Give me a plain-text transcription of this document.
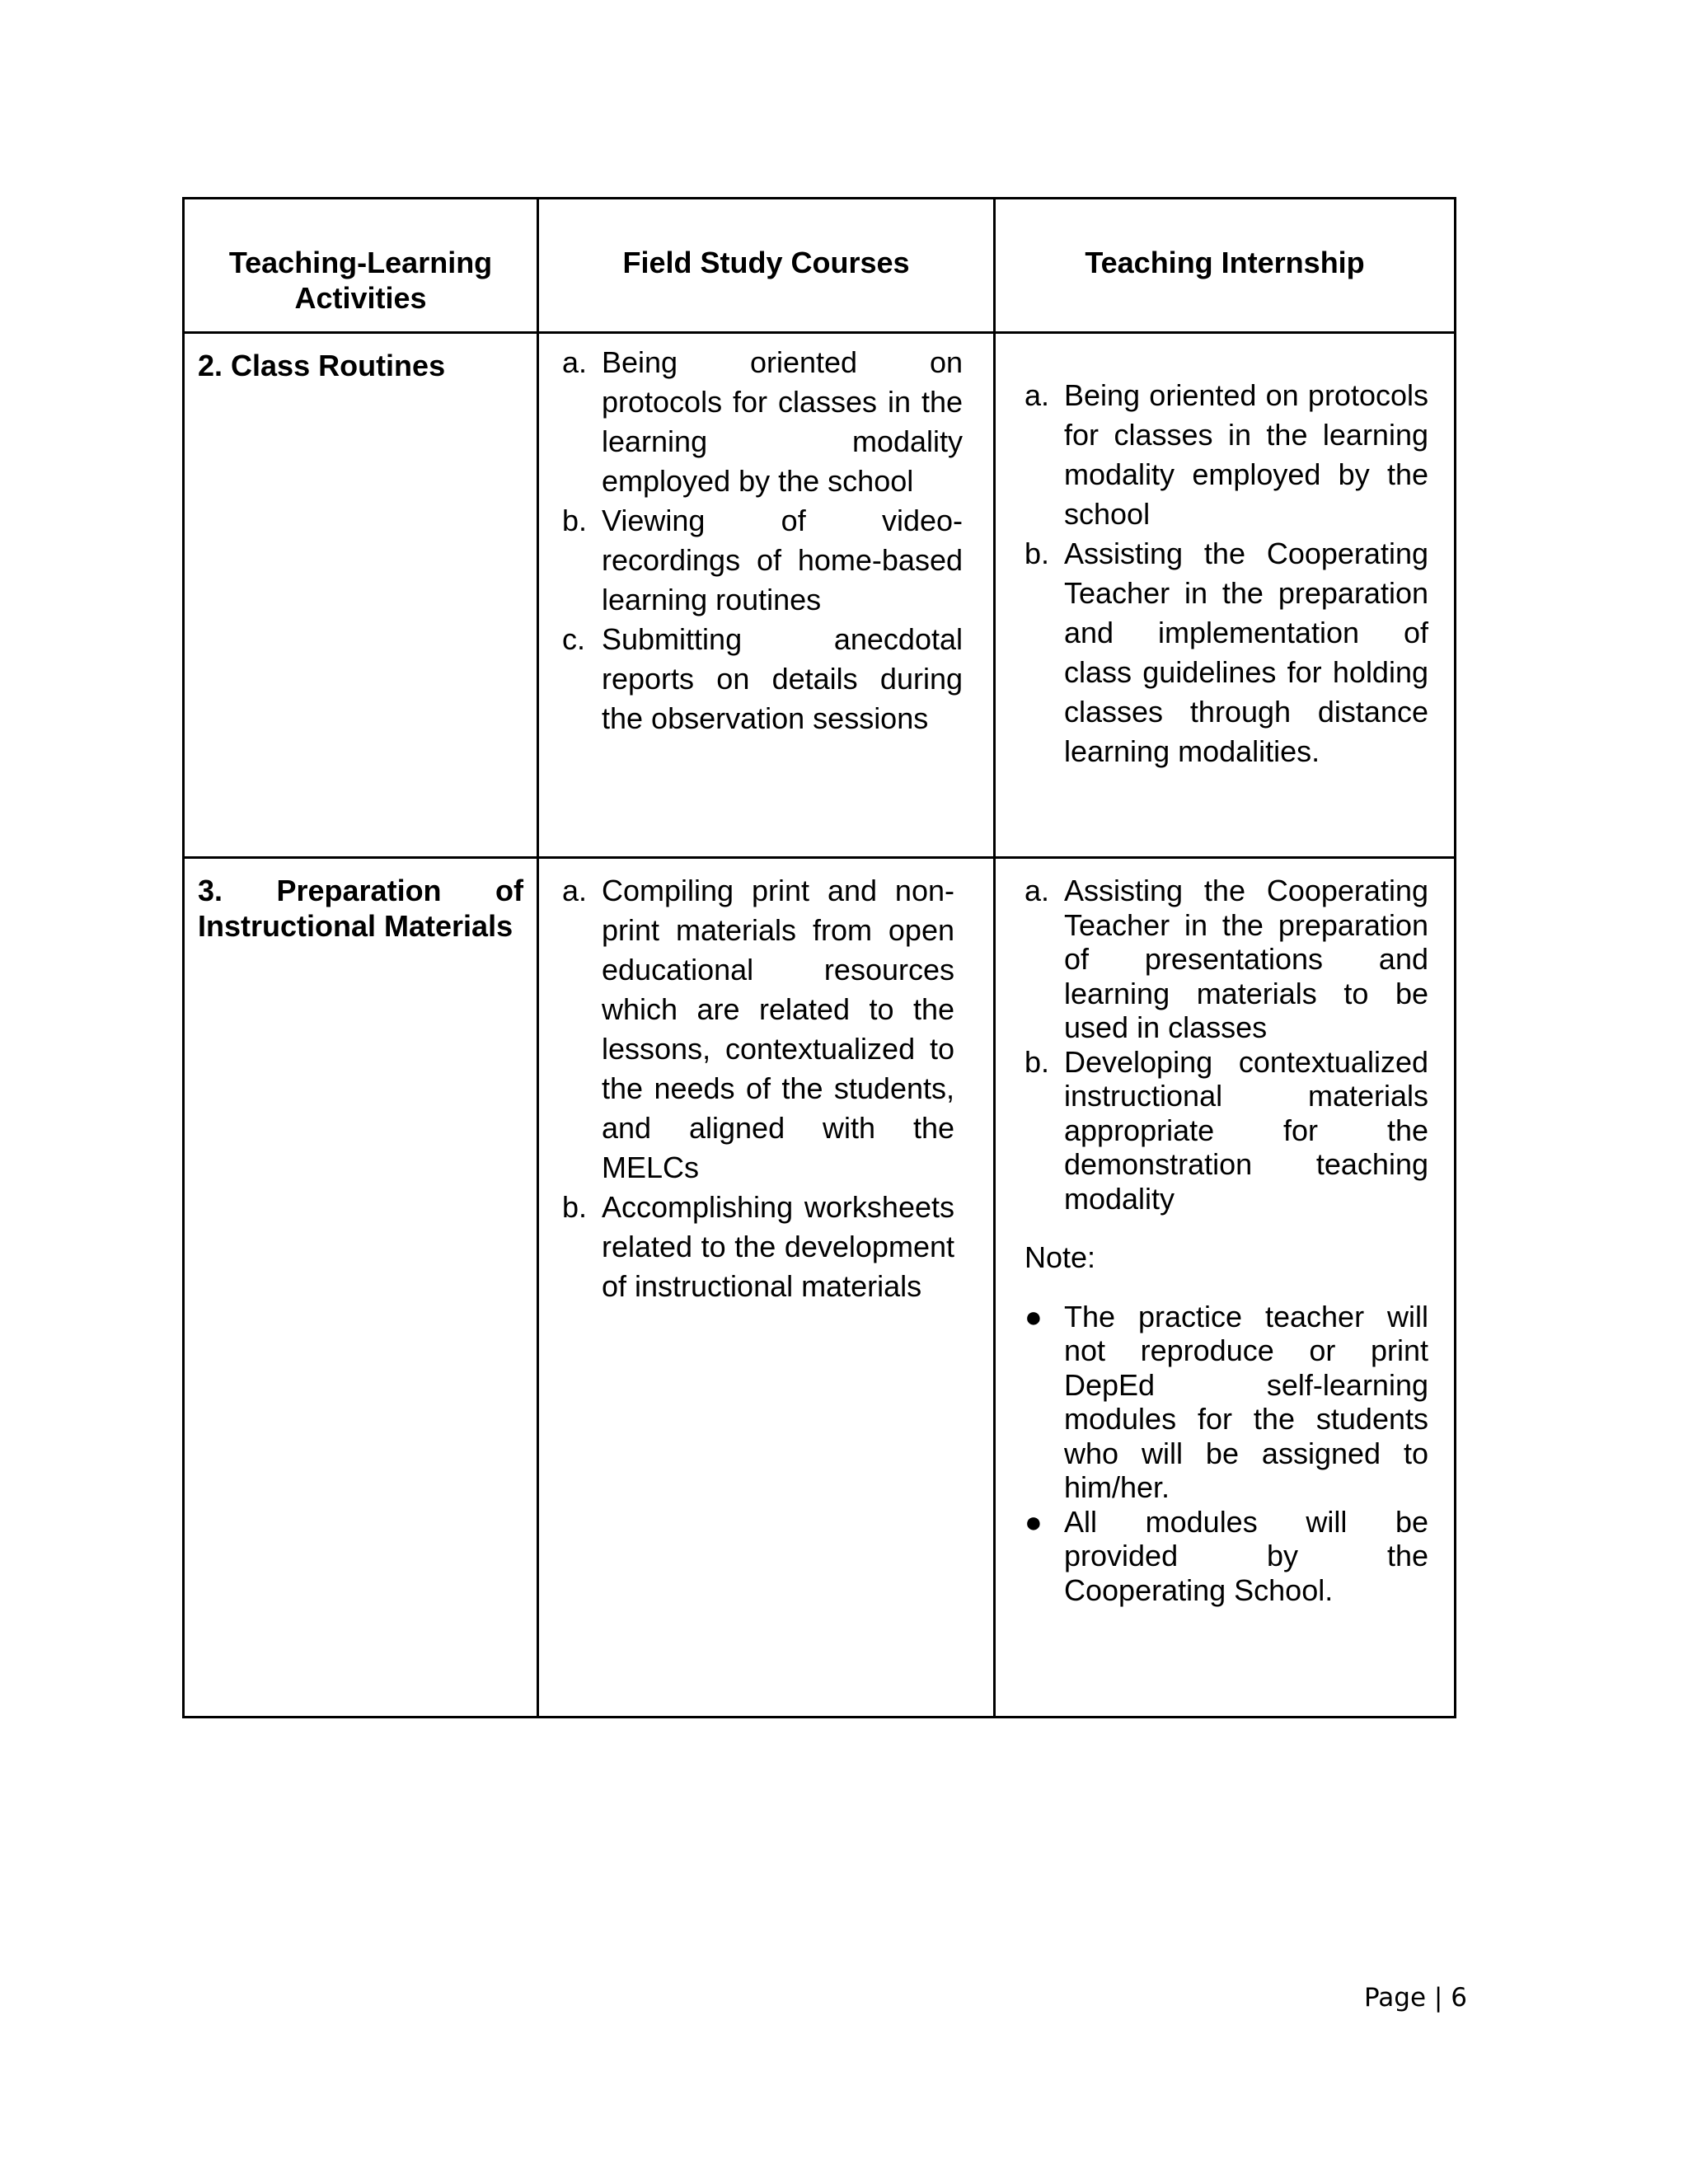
Teaching-Learning Activities
Field Study Courses	Teaching Internship
2. Class Routines	a. Being oriented on protocols for classes in the learning modality employed by the school
b. Viewing of video-recordings of home-based learning routines
c. Submitting anecdotal reports on details during the observation sessions
a. Being oriented on protocols for classes in the learning modality employed by the school
b. Assisting the Cooperating Teacher in the preparation and implementation of class guidelines for holding classes through distance learning modalities.
3. Preparation of Instructional Materials
a. Compiling print and non-print materials from open educational resources which are related to the lessons, contextualized to the needs of the students, and aligned with the MELCs
b. Accomplishing worksheets related to the development of instructional materials
a. Assisting the Cooperating Teacher in the preparation of presentations and learning materials to be used in classes
b. Developing contextualized instructional materials appropriate for the demonstration teaching modality
Note:
● The practice teacher will not reproduce or print DepEd self-learning modules for the students who will be assigned to him/her.
● All modules will be provided by the Cooperating School.
Page | 6
